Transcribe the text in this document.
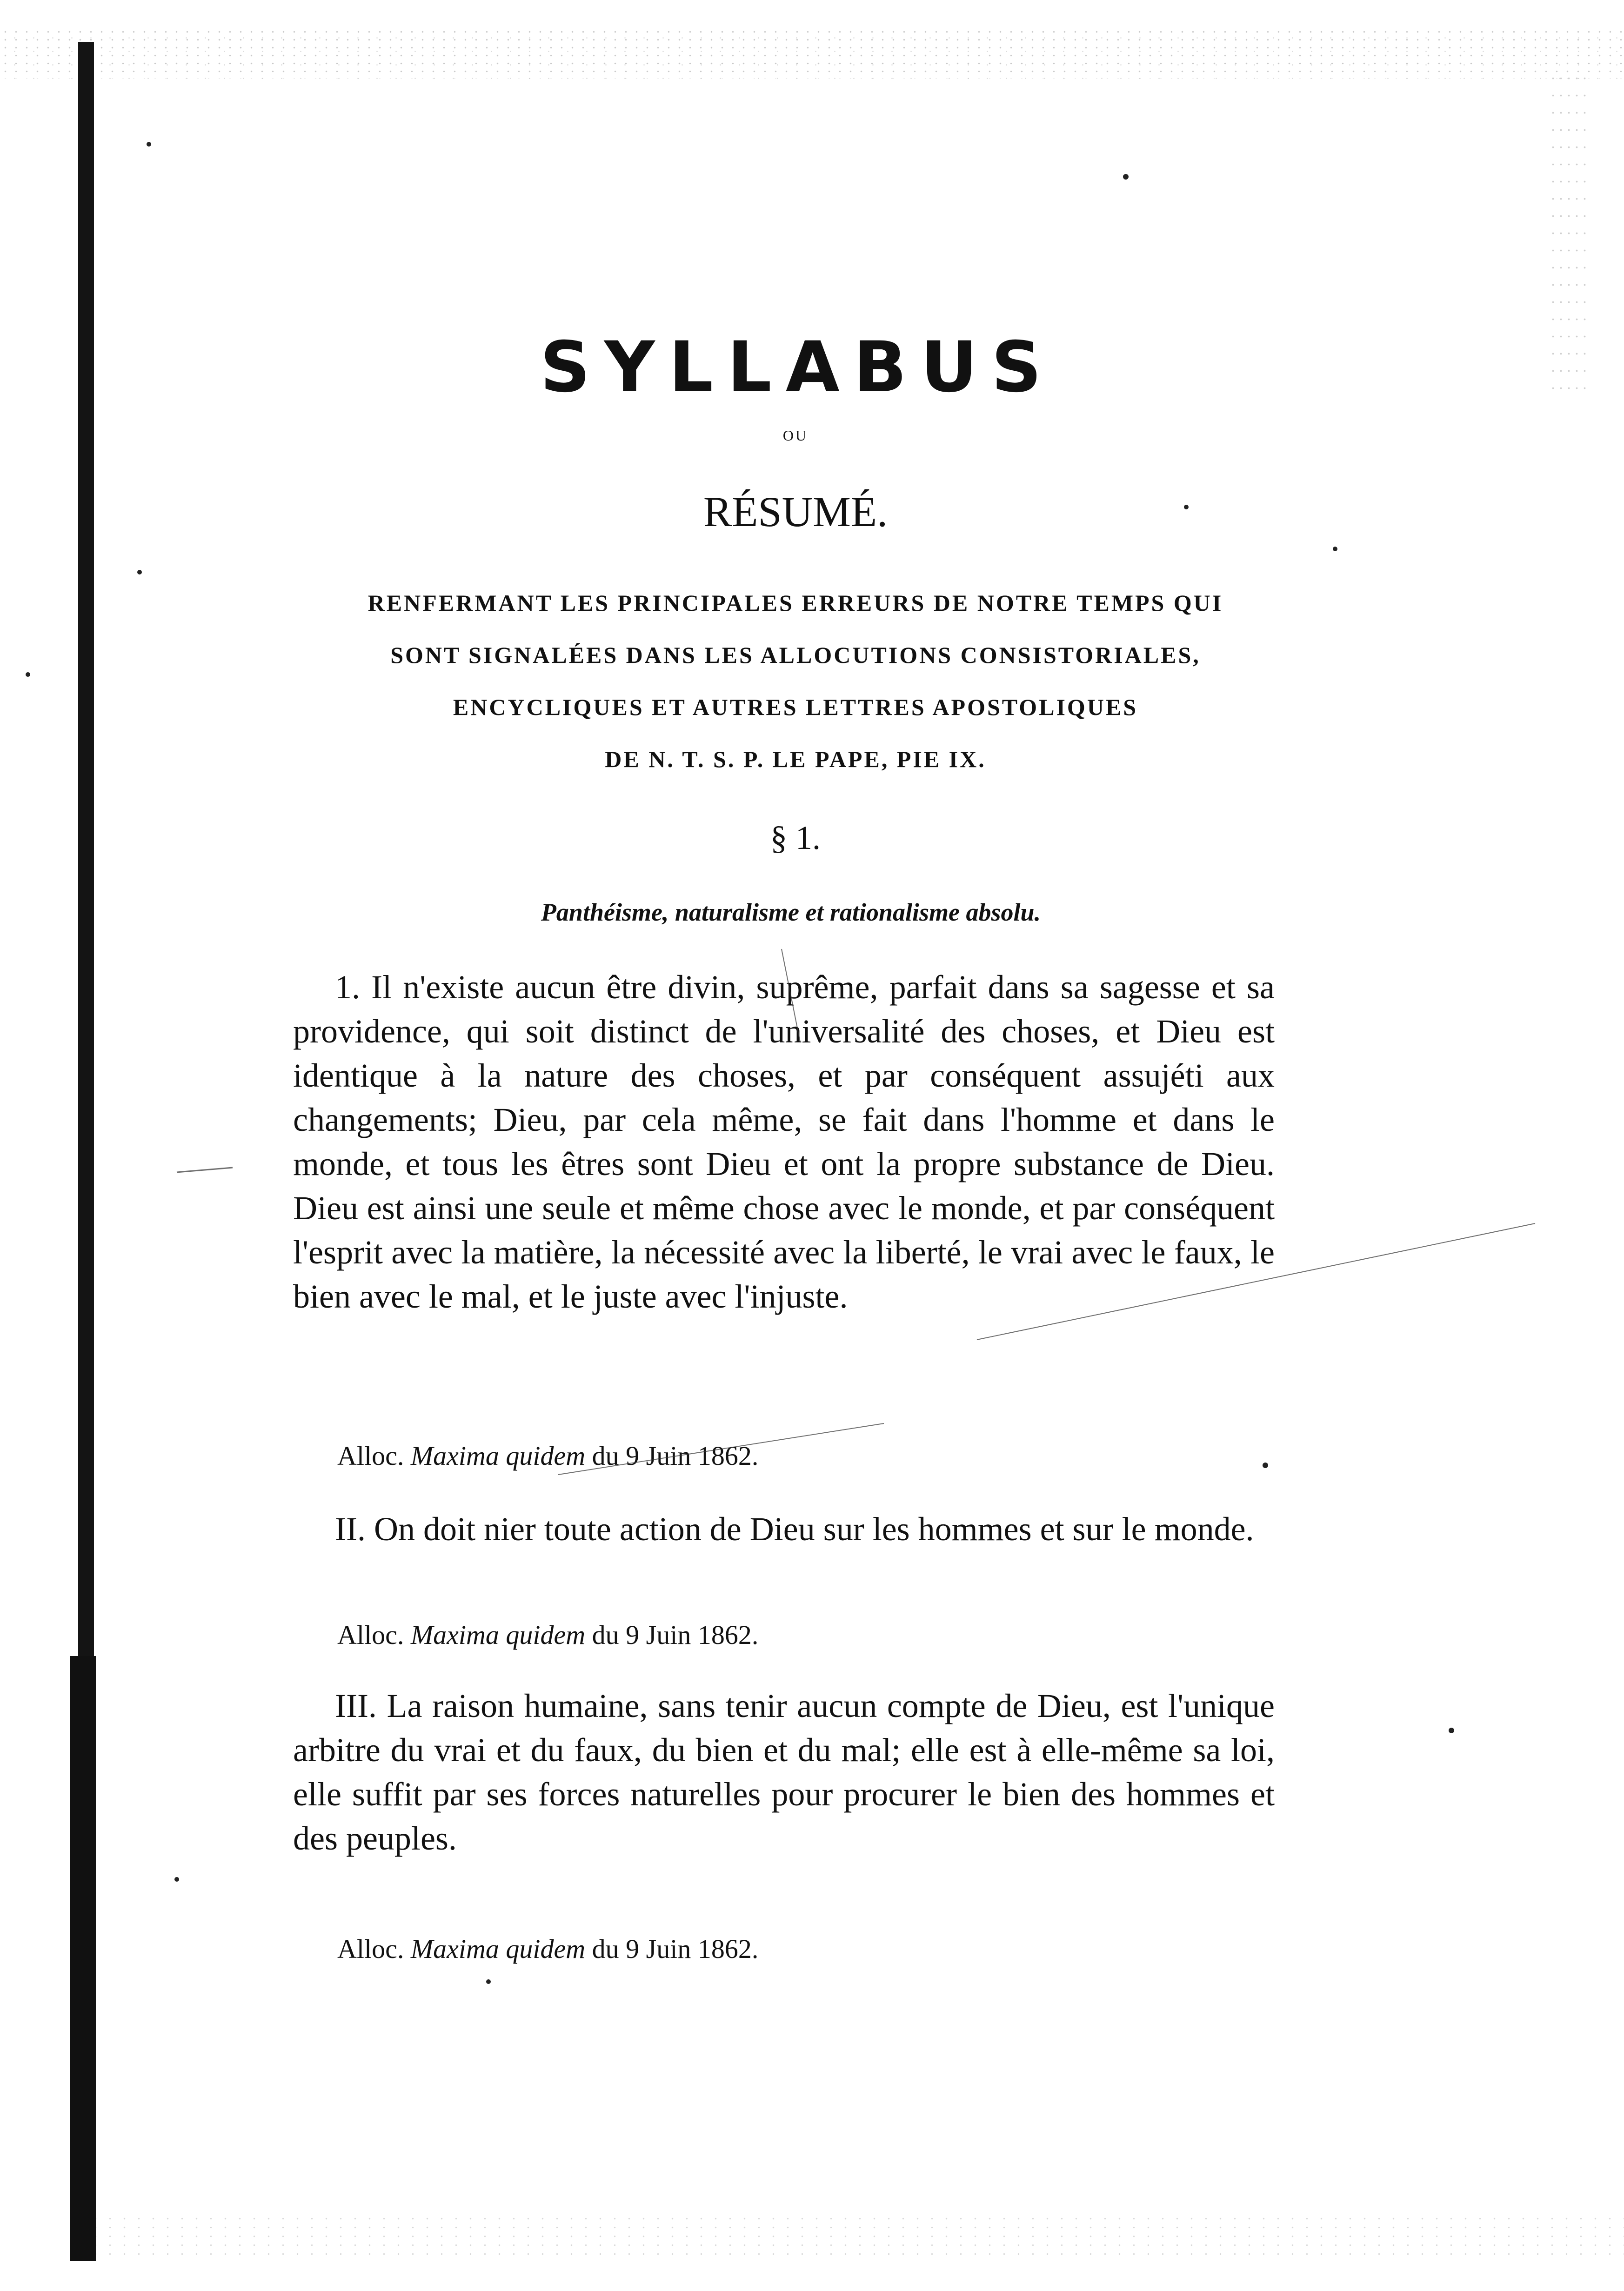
SYLLABUS
ou
RÉSUMÉ.
RENFERMANT LES PRINCIPALES ERREURS DE NOTRE TEMPS QUI
SONT SIGNALÉES DANS LES ALLOCUTIONS CONSISTORIALES,
ENCYCLIQUES ET AUTRES LETTRES APOSTOLIQUES
DE N. T. S. P. LE PAPE, PIE IX.
§ 1.
Panthéisme, naturalisme et rationalisme absolu.

1. Il n'existe aucun être divin, suprême, parfait dans sa sagesse et sa providence, qui soit distinct de l'universalité des choses, et Dieu est identique à la nature des choses, et par conséquent assujéti aux changements; Dieu, par cela même, se fait dans l'homme et dans le monde, et tous les êtres sont Dieu et ont la propre substance de Dieu. Dieu est ainsi une seule et même chose avec le monde, et par conséquent l'esprit avec la matière, la nécessité avec la liberté, le vrai avec le faux, le bien avec le mal, et le juste avec l'injuste.

Alloc. Maxima quidem du 9 Juin 1862.

II. On doit nier toute action de Dieu sur les hommes et sur le monde.

Alloc. Maxima quidem du 9 Juin 1862.

III. La raison humaine, sans tenir aucun compte de Dieu, est l'unique arbitre du vrai et du faux, du bien et du mal; elle est à elle-même sa loi, elle suffit par ses forces naturelles pour procurer le bien des hommes et des peuples.

Alloc. Maxima quidem du 9 Juin 1862.
